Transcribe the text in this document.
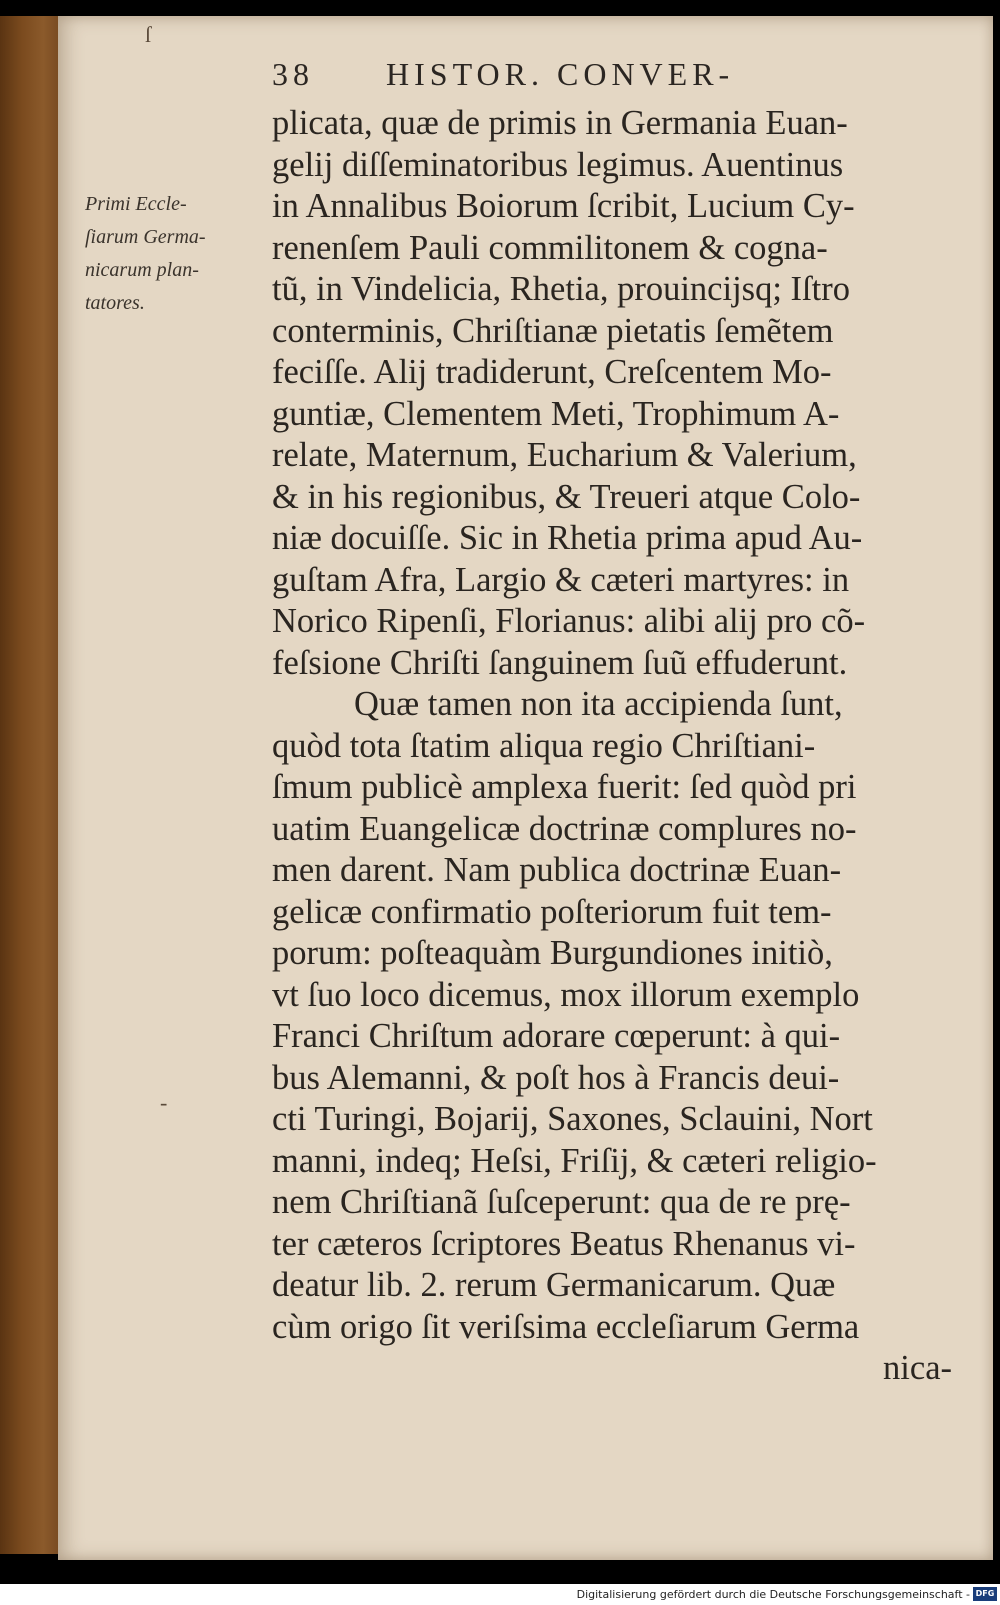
38 HISTOR. CONVER-
Primi Eccle-
ſiarum Germa-
nicarum plan-
tatores.
ſ
-
plicata, quæ de primis in Germania Euan-
gelij diſſeminatoribus legimus. Auentinus
in Annalibus Boiorum ſcribit, Lucium Cy-
renenſem Pauli commilitonem & cogna-
tũ, in Vindelicia, Rhetia, prouincijsq; Iſtro
conterminis, Chriſtianæ pietatis ſemẽtem
feciſſe. Alij tradiderunt, Creſcentem Mo-
guntiæ, Clementem Meti, Trophimum A-
relate, Maternum, Eucharium & Valerium,
& in his regionibus, & Treueri atque Colo-
niæ docuiſſe. Sic in Rhetia prima apud Au-
guſtam Afra, Largio & cæteri martyres: in
Norico Ripenſi, Florianus: alibi alij pro cõ-
feſsione Chriſti ſanguinem ſuũ effuderunt.
Quæ tamen non ita accipienda ſunt,
quòd tota ſtatim aliqua regio Chriſtiani-
ſmum publicè amplexa fuerit: ſed quòd pri
uatim Euangelicæ doctrinæ complures no-
men darent. Nam publica doctrinæ Euan-
gelicæ confirmatio poſteriorum fuit tem-
porum: poſteaquàm Burgundiones initiò,
vt ſuo loco dicemus, mox illorum exemplo
Franci Chriſtum adorare cœperunt: à qui-
bus Alemanni, & poſt hos à Francis deui-
cti Turingi, Bojarij, Saxones, Sclauini, Nort
manni, indeq; Heſsi, Friſij, & cæteri religio-
nem Chriſtianã ſuſceperunt: qua de re prę-
ter cæteros ſcriptores Beatus Rhenanus vi-
deatur lib. 2. rerum Germanicarum. Quæ
cùm origo ſit veriſsima eccleſiarum Germa
nica-
Digitalisierung gefördert durch die Deutsche Forschungsgemeinschaft - DFG
